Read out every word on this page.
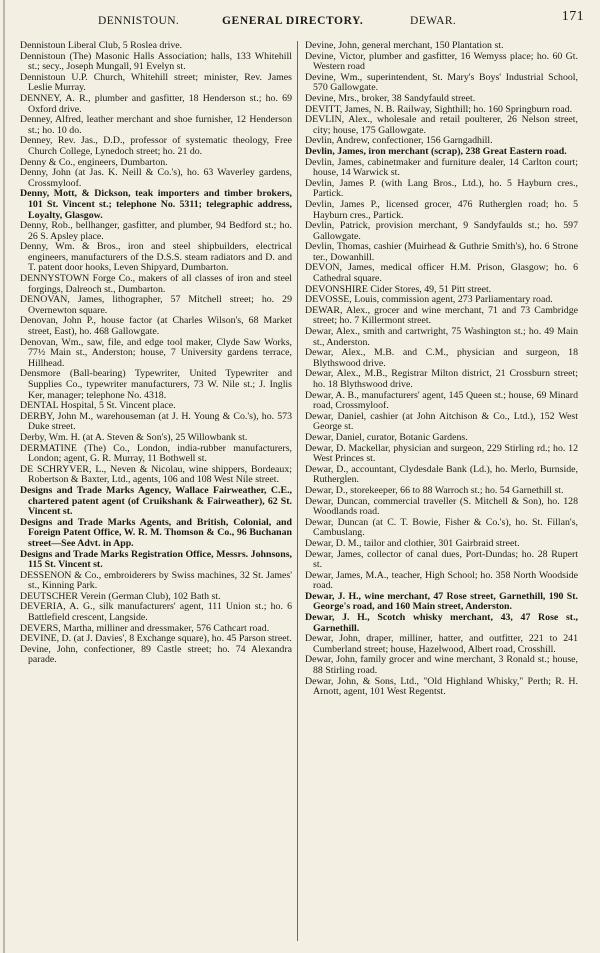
DENNISTOUN.	GENERAL DIRECTORY.	DEWAR.	171

Dennistoun Liberal Club, 5 Roslea drive.

Dennistoun (The) Masonic Halls Association; halls, 133 Whitehill st.; secy., Joseph Mungall, 91 Evelyn st.

Dennistoun U.P. Church, Whitehill street; minister, Rev. James Leslie Murray.

DENNEY, A. R., plumber and gasfitter, 18 Henderson st.; ho. 69 Oxford drive.

Denney, Alfred, leather merchant and shoe furnisher, 12 Henderson st.; ho. 10 do.

Denney, Rev. Jas., D.D., professor of systematic theology, Free Church College, Lynedoch street; ho. 21 do.

Denny & Co., engineers, Dumbarton.

Denny, John (at Jas. K. Neill & Co.'s), ho. 63 Waverley gardens, Crossmyloof.

Denny, Mott, & Dickson, teak importers and timber brokers, 101 St. Vincent st.; telephone No. 5311; telegraphic address, Loyalty, Glasgow.

Denny, Rob., bellhanger, gasfitter, and plumber, 94 Bedford st.; ho. 26 S. Apsley place.

Denny, Wm. & Bros., iron and steel shipbuilders, electrical engineers, manufacturers of the D.S.S. steam radiators and D. and T. patent door hooks, Leven Shipyard, Dumbarton.

DENNYSTOWN Forge Co., makers of all classes of iron and steel forgings, Dalreoch st., Dumbarton.

DENOVAN, James, lithographer, 57 Mitchell street; ho. 29 Overnewton square.

Denovan, John P., house factor (at Charles Wilson's, 68 Market street, East), ho. 468 Gallowgate.

Denovan, Wm., saw, file, and edge tool maker, Clyde Saw Works, 77½ Main st., Anderston; house, 7 University gardens terrace, Hillhead.

Densmore (Ball-bearing) Typewriter, United Typewriter and Supplies Co., typewriter manufacturers, 73 W. Nile st.; J. Inglis Ker, manager; telephone No. 4318.

DENTAL Hospital, 5 St. Vincent place.

DERBY, John M., warehouseman (at J. H. Young & Co.'s), ho. 573 Duke street.

Derby, Wm. H. (at A. Steven & Son's), 25 Willowbank st.

DERMATINE (The) Co., London, india-rubber manufacturers, London; agent, G. R. Murray, 11 Bothwell st.

DE SCHRYVER, L., Neven & Nicolau, wine shippers, Bordeaux; Robertson & Baxter, Ltd., agents, 106 and 108 West Nile street.

Designs and Trade Marks Agency, Wallace Fairweather, C.E., chartered patent agent (of Cruikshank & Fairweather), 62 St. Vincent st.

Designs and Trade Marks Agents, and British, Colonial, and Foreign Patent Office, W. R. M. Thomson & Co., 96 Buchanan street—See Advt. in App.

Designs and Trade Marks Registration Office, Messrs. Johnsons, 115 St. Vincent st.

DESSENON & Co., embroiderers by Swiss machines, 32 St. James' st., Kinning Park.

DEUTSCHER Verein (German Club), 102 Bath st.

DEVERIA, A. G., silk manufacturers' agent, 111 Union st.; ho. 6 Battlefield crescent, Langside.

DEVERS, Martha, milliner and dressmaker, 576 Cathcart road.

DEVINE, D. (at J. Davies', 8 Exchange square), ho. 45 Parson street.

Devine, John, confectioner, 89 Castle street; ho. 74 Alexandra parade.

Devine, John, general merchant, 150 Plantation st.

Devine, Victor, plumber and gasfitter, 16 Wemyss place; ho. 60 Gt. Western road

Devine, Wm., superintendent, St. Mary's Boys' Industrial School, 570 Gallowgate.

Devine, Mrs., broker, 38 Sandyfauld street.

DEVITT, James, N. B. Railway, Sighthill; ho. 160 Springburn road.

DEVLIN, Alex., wholesale and retail poulterer, 26 Nelson street, city; house, 175 Gallowgate.

Devlin, Andrew, confectioner, 156 Garngadhill.

Devlin, James, iron merchant (scrap), 238 Great Eastern road.

Devlin, James, cabinetmaker and furniture dealer, 14 Carlton court; house, 14 Warwick st.

Devlin, James P. (with Lang Bros., Ltd.), ho. 5 Hayburn cres., Partick.

Devlin, James P., licensed grocer, 476 Rutherglen road; ho. 5 Hayburn cres., Partick.

Devlin, Patrick, provision merchant, 9 Sandyfaulds st.; ho. 597 Gallowgate.

Devlin, Thomas, cashier (Muirhead & Guthrie Smith's), ho. 6 Strone ter., Dowanhill.

DEVON, James, medical officer H.M. Prison, Glasgow; ho. 6 Cathedral square.

DEVONSHIRE Cider Stores, 49, 51 Pitt street.

DEVOSSE, Louis, commission agent, 273 Parliamentary road.

DEWAR, Alex., grocer and wine merchant, 71 and 73 Cambridge street; ho. 7 Killermont street.

Dewar, Alex., smith and cartwright, 75 Washington st.; ho. 49 Main st., Anderston.

Dewar, Alex., M.B. and C.M., physician and surgeon, 18 Blythswood drive.

Dewar, Alex., M.B., Registrar Milton district, 21 Crossburn street; ho. 18 Blythswood drive.

Dewar, A. B., manufacturers' agent, 145 Queen st.; house, 69 Minard road, Crossmyloof.

Dewar, Daniel, cashier (at John Aitchison & Co., Ltd.), 152 West George st.

Dewar, Daniel, curator, Botanic Gardens.

Dewar, D. Mackellar, physician and surgeon, 229 Stirling rd.; ho. 12 West Princes st.

Dewar, D., accountant, Clydesdale Bank (Ld.), ho. Merlo, Burnside, Rutherglen.

Dewar, D., storekeeper, 66 to 88 Warroch st.; ho. 54 Garnethill st.

Dewar, Duncan, commercial traveller (S. Mitchell & Son), ho. 128 Woodlands road.

Dewar, Duncan (at C. T. Bowie, Fisher & Co.'s), ho. St. Fillan's, Cambuslang.

Dewar, D. M., tailor and clothier, 301 Gairbraid street.

Dewar, James, collector of canal dues, Port-Dundas; ho. 28 Rupert st.

Dewar, James, M.A., teacher, High School; ho. 358 North Woodside road.

Dewar, J. H., wine merchant, 47 Rose street, Garnethill, 190 St. George's road, and 160 Main street, Anderston.

Dewar, J. H., Scotch whisky merchant, 43, 47 Rose st., Garnethill.

Dewar, John, draper, milliner, hatter, and outfitter, 221 to 241 Cumberland street; house, Hazelwood, Albert road, Crosshill.

Dewar, John, family grocer and wine merchant, 3 Ronald st.; house, 88 Stirling road.

Dewar, John, & Sons, Ltd., "Old Highland Whisky," Perth; R. H. Arnott, agent, 101 West Regentst.
